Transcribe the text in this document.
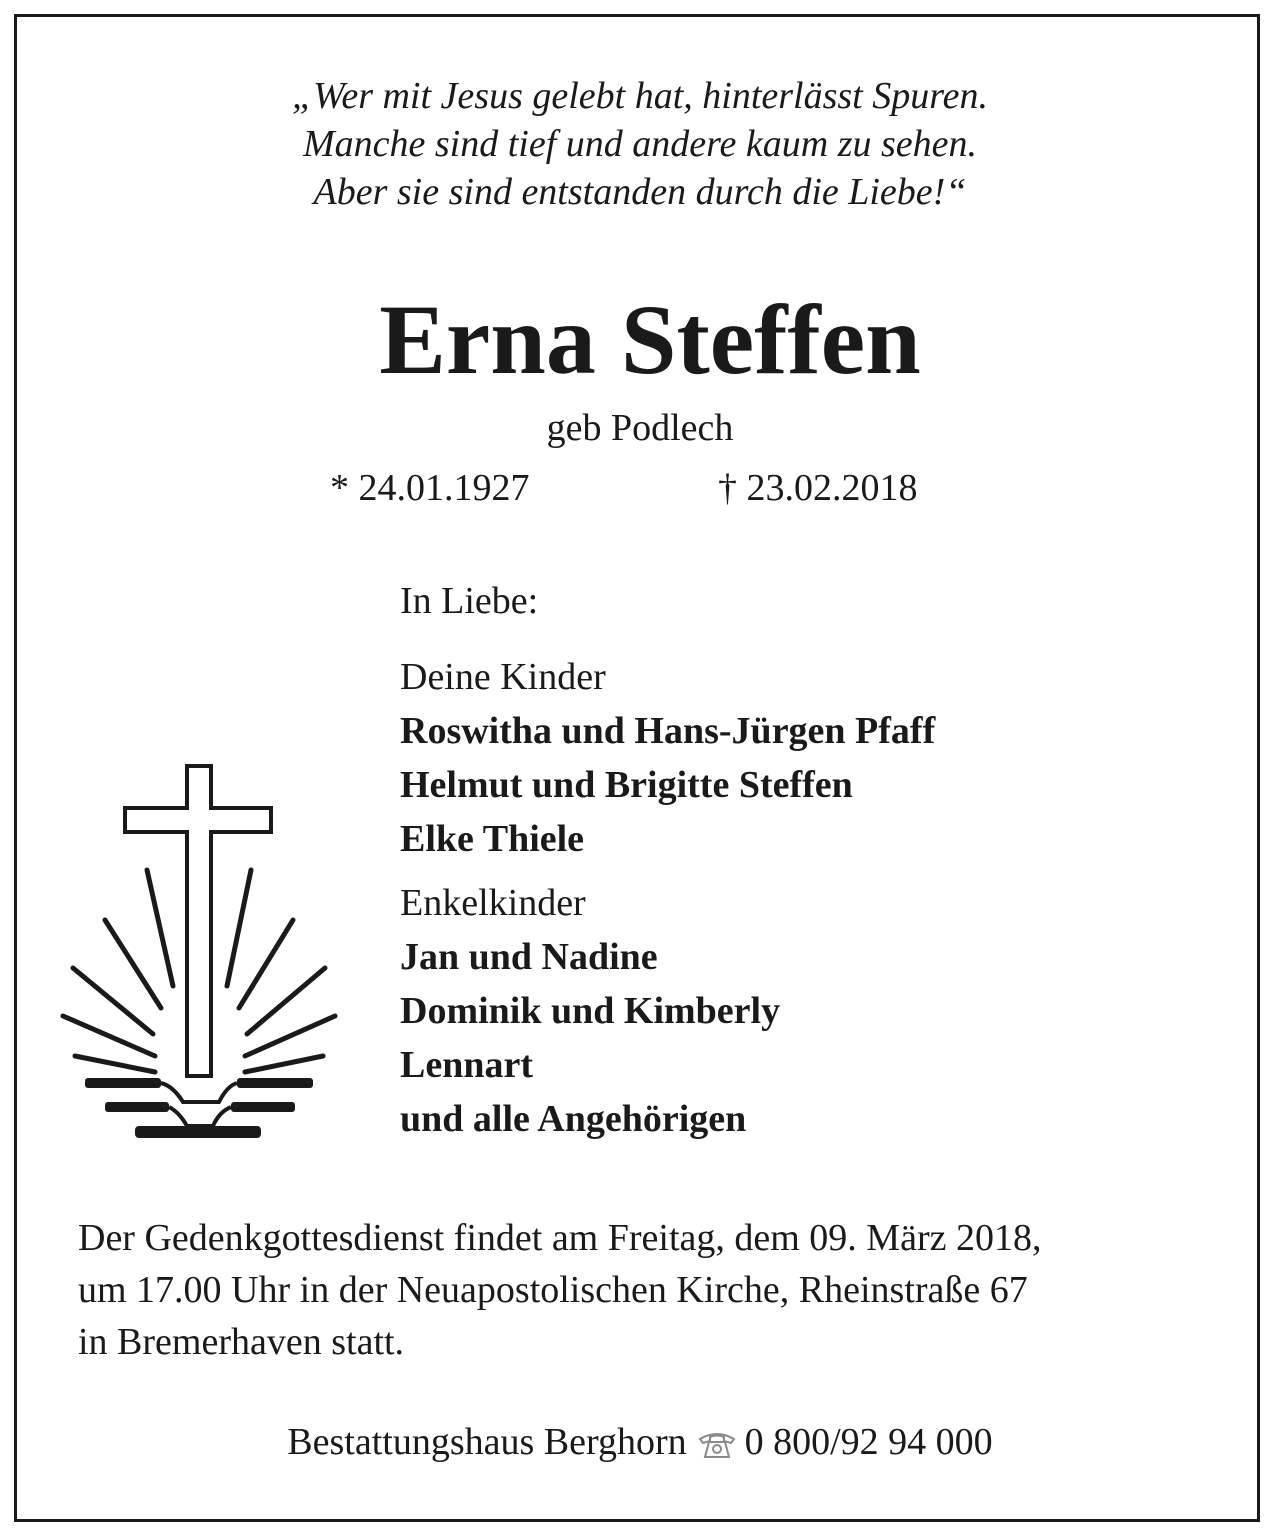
„Wer mit Jesus gelebt hat, hinterlässt Spuren.
Manche sind tief und andere kaum zu sehen.
Aber sie sind entstanden durch die Liebe!“
Erna Steffen
geb Podlech
* 24.01.1927	† 23.02.2018
In Liebe:
Deine Kinder
Roswitha und Hans-Jürgen Pfaff
Helmut und Brigitte Steffen
Elke Thiele
Enkelkinder
Jan und Nadine
Dominik und Kimberly
Lennart
und alle Angehörigen
Der Gedenkgottesdienst findet am Freitag, dem 09. März 2018,
um 17.00 Uhr in der Neuapostolischen Kirche, Rheinstraße 67
in Bremerhaven statt.
Bestattungshaus Berghorn 0 800/92 94 000
